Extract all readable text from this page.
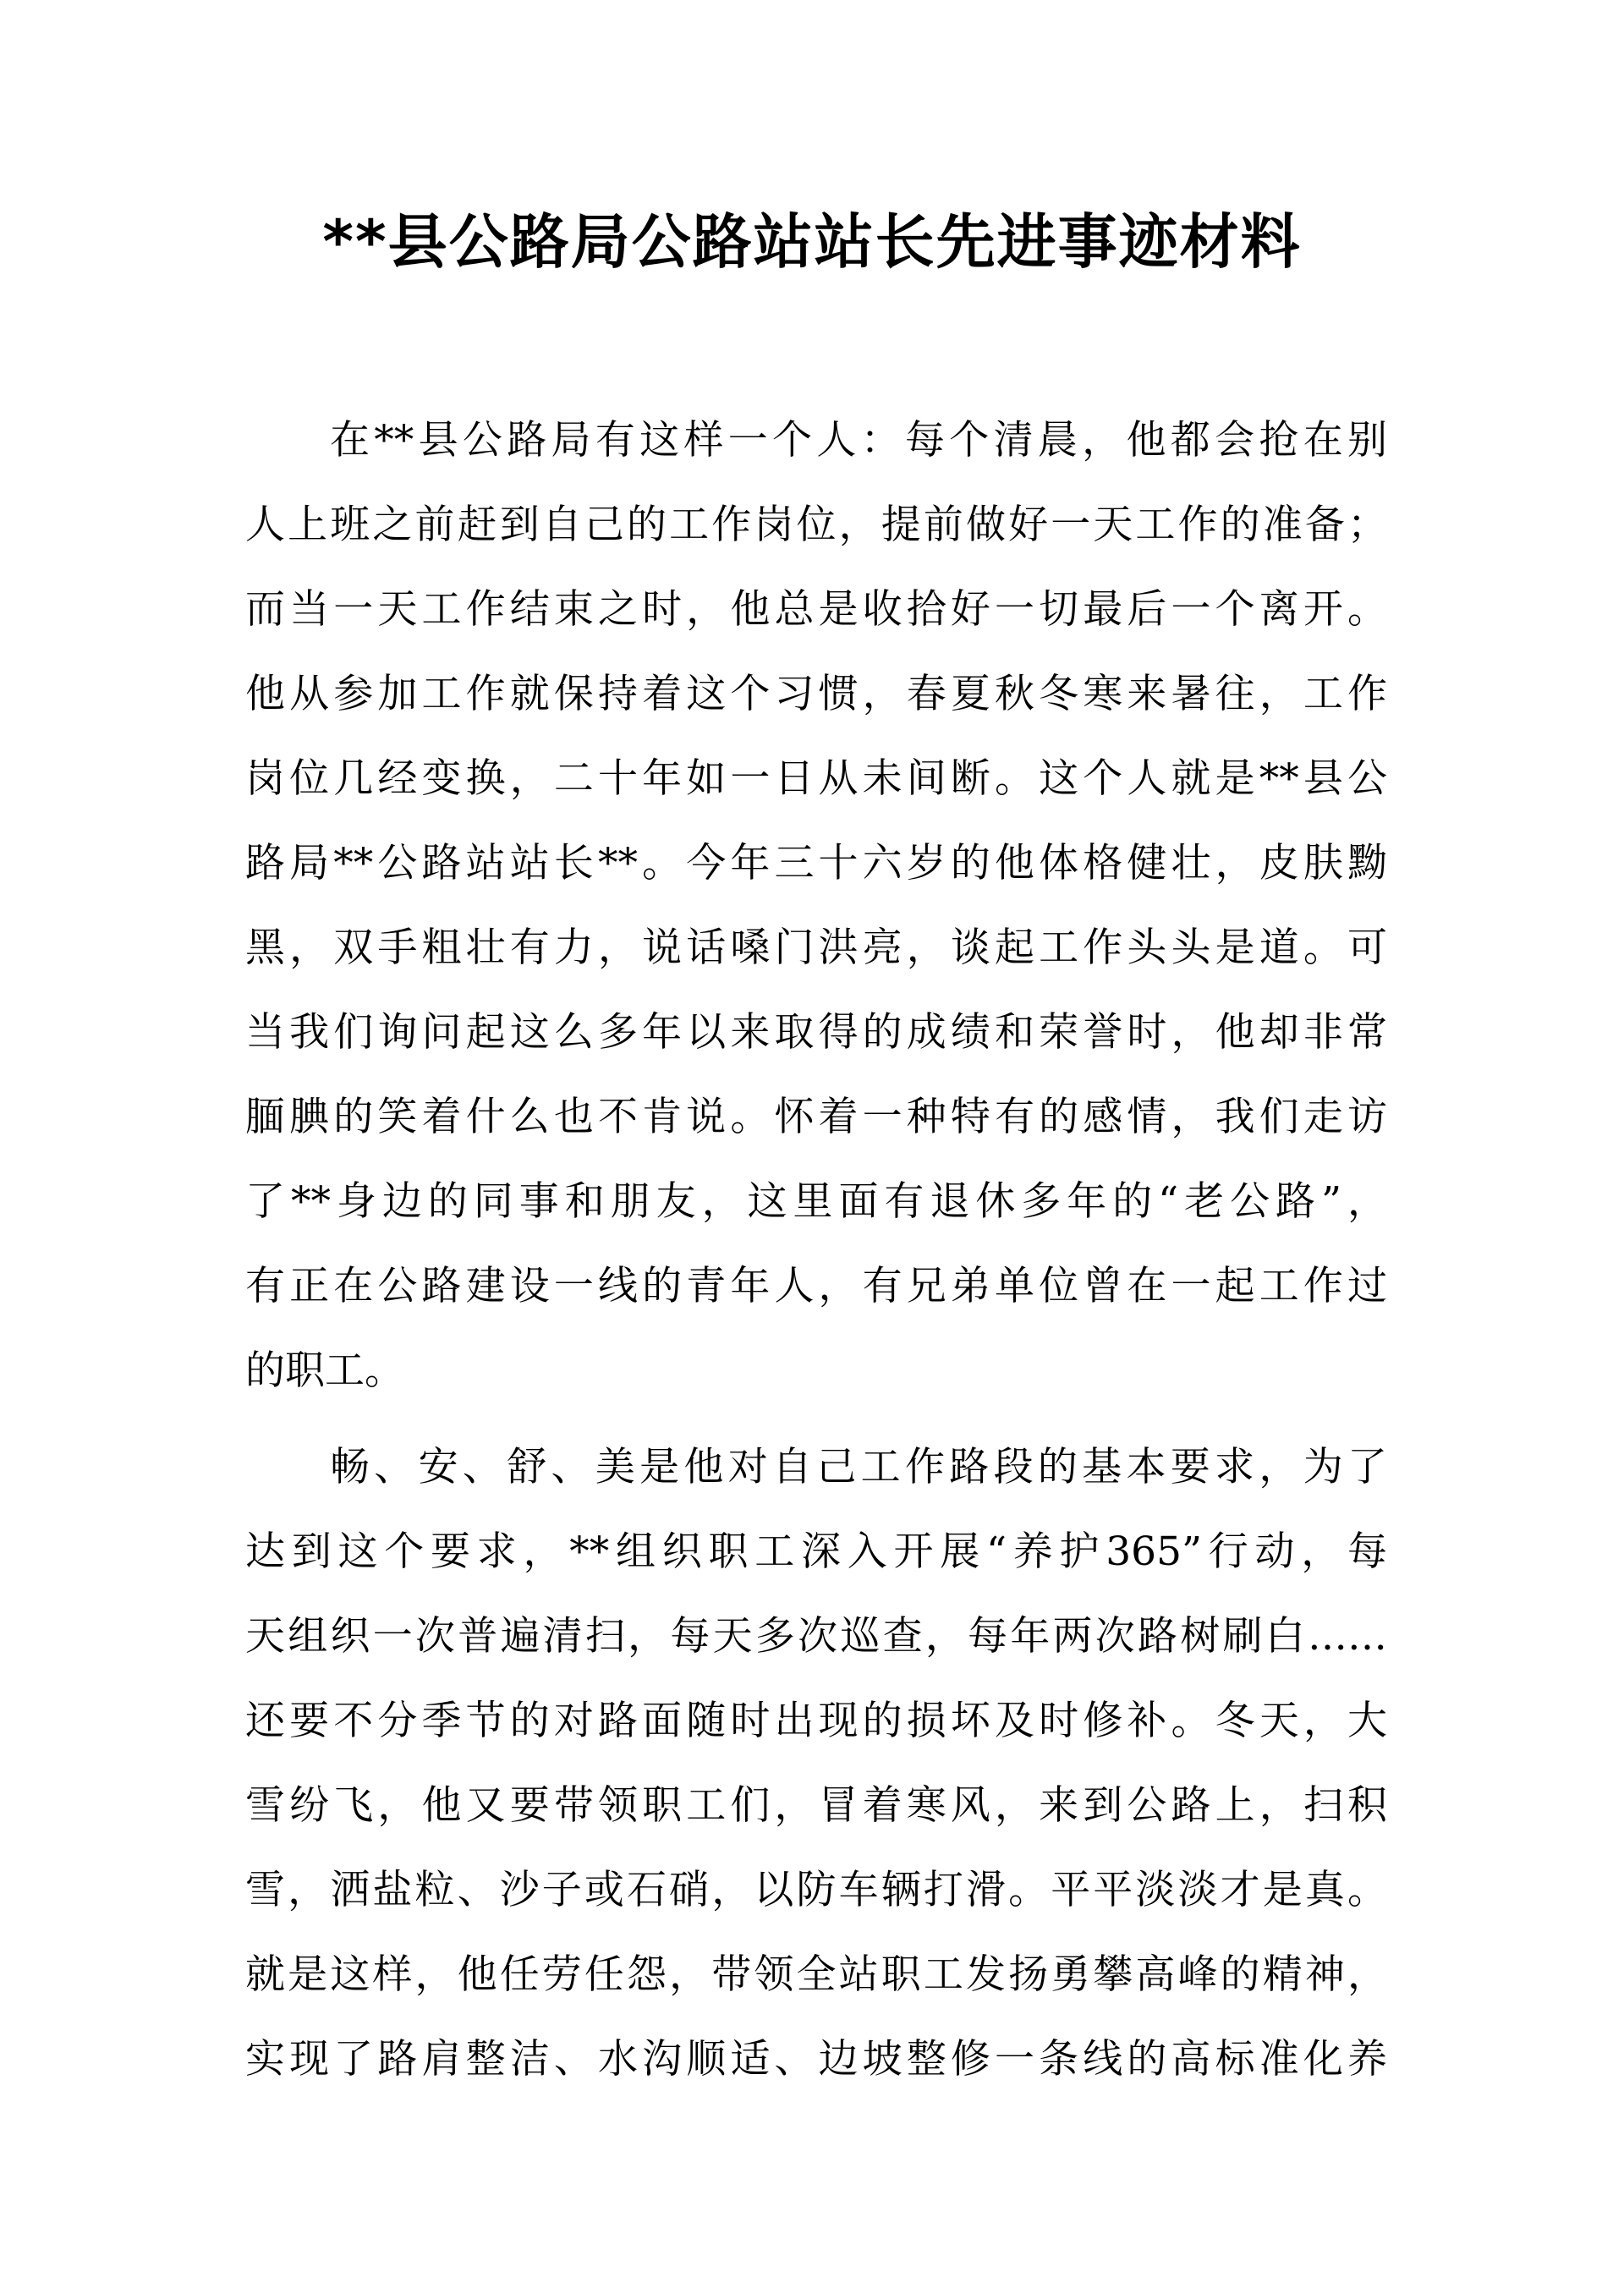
**县公路局公路站站长先进事迹材料
在**县公路局有这样一个人：每个清晨，他都会抢在别
人上班之前赶到自己的工作岗位，提前做好一天工作的准备；
而当一天工作结束之时，他总是收拾好一切最后一个离开。
他从参加工作就保持着这个习惯，春夏秋冬寒来暑往，工作
岗位几经变换，二十年如一日从未间断。这个人就是**县公
路局**公路站站长**。今年三十六岁的他体格健壮，皮肤黝
黑，双手粗壮有力，说话嗓门洪亮，谈起工作头头是道。可
当我们询问起这么多年以来取得的成绩和荣誉时，他却非常
腼腆的笑着什么也不肯说。怀着一种特有的感情，我们走访
了**身边的同事和朋友，这里面有退休多年的“老公路”，
有正在公路建设一线的青年人，有兄弟单位曾在一起工作过
的职工。
畅、安、舒、美是他对自己工作路段的基本要求，为了
达到这个要求，**组织职工深入开展“养护365”行动，每
天组织一次普遍清扫，每天多次巡查，每年两次路树刷白……
还要不分季节的对路面随时出现的损坏及时修补。冬天，大
雪纷飞，他又要带领职工们，冒着寒风，来到公路上，扫积
雪，洒盐粒、沙子或石硝，以防车辆打滑。平平淡淡才是真。
就是这样，他任劳任怨，带领全站职工发扬勇攀高峰的精神，
实现了路肩整洁、水沟顺适、边坡整修一条线的高标准化养
